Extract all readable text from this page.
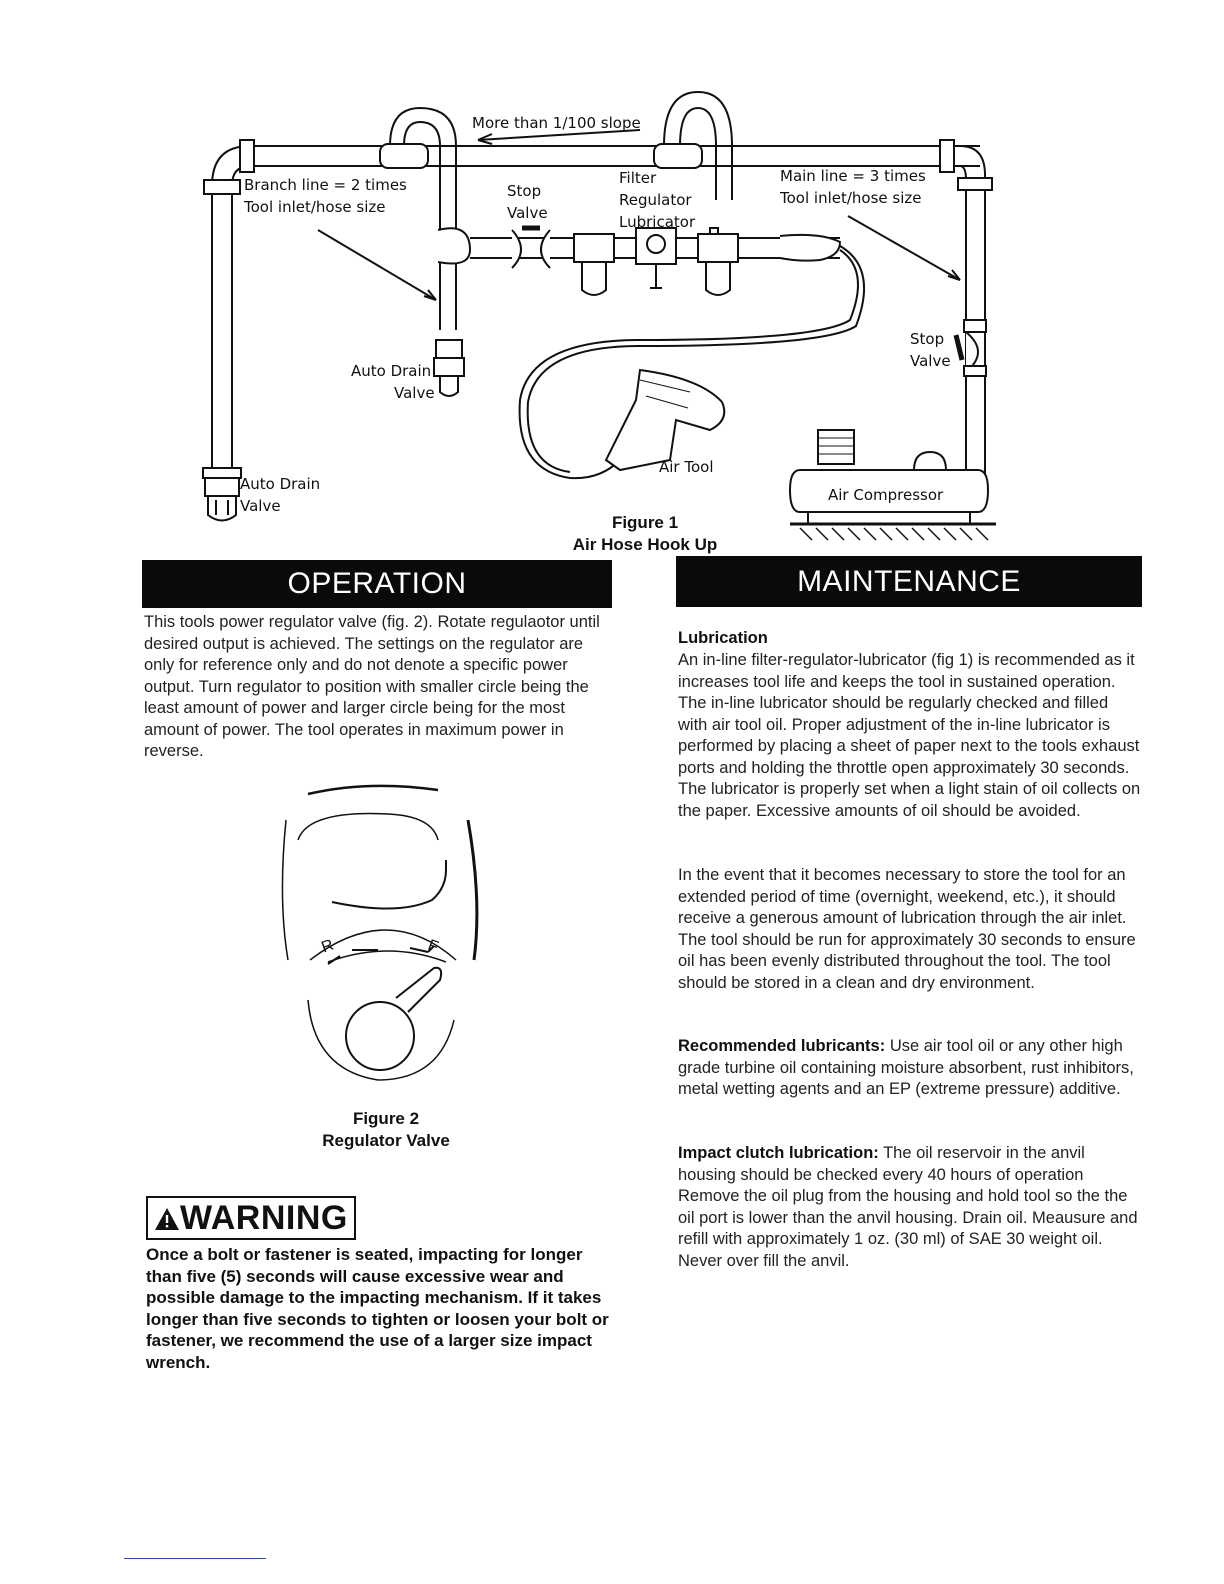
More than 1/100 slope
Branch line = 2 times
Tool inlet/hose size
Stop
Valve
Filter
Regulator
Lubricator
Main line = 3 times
Tool inlet/hose size
Stop
Valve
Auto Drain
Valve
Auto Drain
Valve
Air Tool
Air Compressor
Figure 1
Air Hose Hook Up
OPERATION

This tools power regulator valve (fig. 2). Rotate regulaotor until desired output is achieved. The settings on the regulator are only for reference only and do not denote a specific power output. Turn regulator to position with smaller circle being the least amount of power and larger circle being for the most amount of power. The tool operates in maximum power in reverse.

R	F
Figure 2
Regulator Valve
WARNING

Once a bolt or fastener is seated, impacting for longer than five (5) seconds will cause excessive wear and possible damage to the impacting mechanism. If it takes longer than five seconds to tighten or loosen your bolt or fastener, we recommend the use of a larger size impact wrench.

MAINTENANCE
Lubrication

An in-line filter-regulator-lubricator (fig 1) is recommended as it increases tool life and keeps the tool in sustained operation. The in-line lubricator should be regularly checked and filled with air tool oil. Proper adjustment of the in-line lubricator is performed by placing a sheet of paper next to the tools exhaust ports and holding the throttle open approximately 30 seconds. The lubricator is properly set when a light stain of oil collects on the paper. Excessive amounts of oil should be avoided.

In the event that it becomes necessary to store the tool for an extended period of time (overnight, weekend, etc.), it should receive a generous amount of lubrication through the air inlet. The tool should be run for approximately 30 seconds to ensure oil has been evenly distributed throughout the tool. The tool should be stored in a clean and dry environment.

Recommended lubricants: Use air tool oil or any other high grade turbine oil containing moisture absorbent, rust inhibitors, metal wetting agents and an EP (extreme pressure) additive.

Impact clutch lubrication: The oil reservoir in the anvil housing should be checked every 40 hours of operation Remove the oil plug from the housing and hold tool so the the oil port is lower than the anvil housing. Drain oil. Meausure and refill with approximately 1 oz. (30 ml) of SAE 30 weight oil. Never over fill the anvil.
